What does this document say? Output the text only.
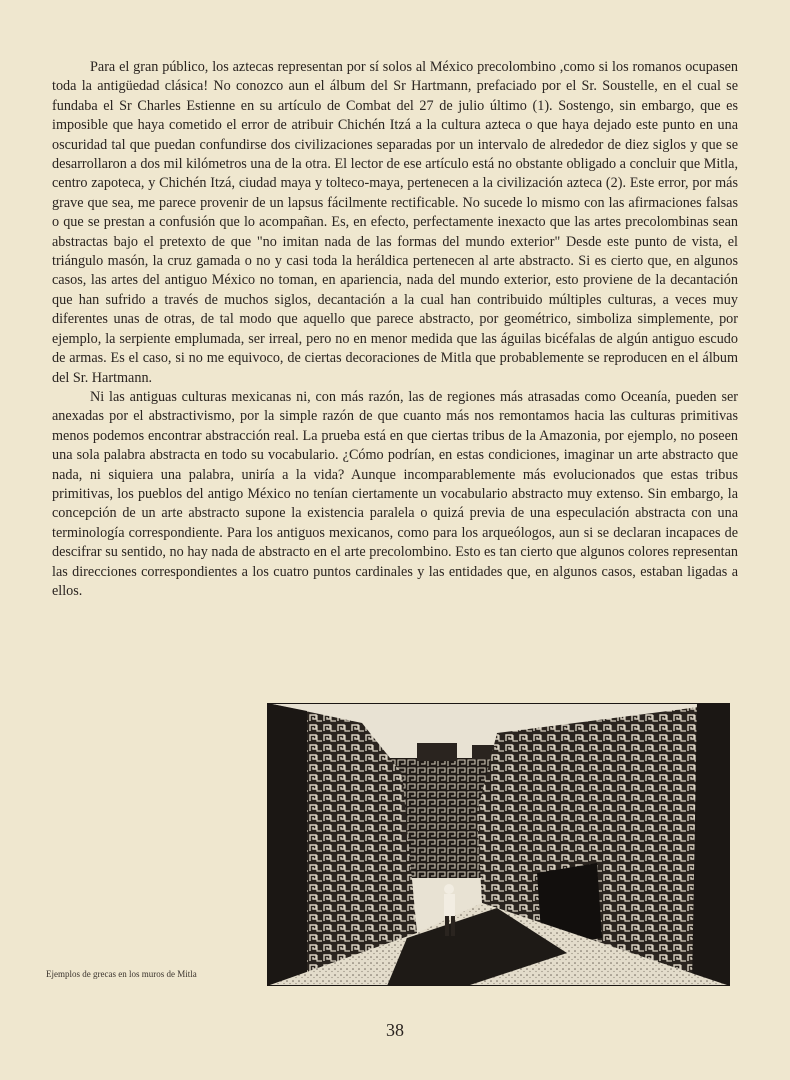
Para el gran público, los aztecas representan por sí solos al México precolombino ,como si los romanos ocupasen toda la antigüedad clásica! No conozco aun el álbum del Sr Hartmann, prefaciado por el Sr. Soustelle, en el cual se fundaba el Sr Charles Estienne en su artículo de Combat del 27 de julio último (1). Sostengo, sin embargo, que es imposible que haya cometido el error de atribuir Chichén Itzá a la cultura azteca o que haya dejado este punto en una oscuridad tal que puedan confundirse dos civilizaciones separadas por un intervalo de alrededor de diez siglos y que se desarrollaron a dos mil kilómetros una de la otra. El lector de ese artículo está no obstante obligado a concluir que Mitla, centro zapoteca, y Chichén Itzá, ciudad maya y tolteco-maya, pertenecen a la civilización azteca (2). Este error, por más grave que sea, me parece provenir de un lapsus fácilmente rectificable. No sucede lo mismo con las afirmaciones falsas o que se prestan a confusión que lo acompañan. Es, en efecto, perfectamente inexacto que las artes precolombinas sean abstractas bajo el pretexto de que "no imitan nada de las formas del mundo exterior" Desde este punto de vista, el triángulo masón, la cruz gamada o no y casi toda la heráldica pertenecen al arte abstracto. Si es cierto que, en algunos casos, las artes del antiguo México no toman, en apariencia, nada del mundo exterior, esto proviene de la decantación que han sufrido a través de muchos siglos, decantación a la cual han contribuido múltiples culturas, a veces muy diferentes unas de otras, de tal modo que aquello que parece abstracto, por geométrico, simboliza simplemente, por ejemplo, la serpiente emplumada, ser irreal, pero no en menor medida que las águilas bicéfalas de algún antiguo escudo de armas. Es el caso, si no me equivoco, de ciertas decoraciones de Mitla que probablemente se reproducen en el álbum del Sr. Hartmann.

Ni las antiguas culturas mexicanas ni, con más razón, las de regiones más atrasadas como Oceanía, pueden ser anexadas por el abstractivismo, por la simple razón de que cuanto más nos remontamos hacia las culturas primitivas menos podemos encontrar abstracción real. La prueba está en que ciertas tribus de la Amazonia, por ejemplo, no poseen una sola palabra abstracta en todo su vocabulario. ¿Cómo podrían, en estas condiciones, imaginar un arte abstracto que nada, ni siquiera una palabra, uniría a la vida? Aunque incomparablemente más evolucionados que estas tribus primitivas, los pueblos del antigo México no tenían ciertamente un vocabulario abstracto muy extenso. Sin embargo, la concepción de un arte abstracto supone la existencia paralela o quizá previa de una especulación abstracta con una terminología correspondiente. Para los antiguos mexicanos, como para los arqueólogos, aun si se declaran incapaces de descifrar su sentido, no hay nada de abstracto en el arte precolombino. Esto es tan cierto que algunos colores representan las direcciones correspondientes a los cuatro puntos cardinales y las entidades que, en algunos casos, estaban ligadas a ellos.

Ejemplos de grecas en los muros de Mitla
38
